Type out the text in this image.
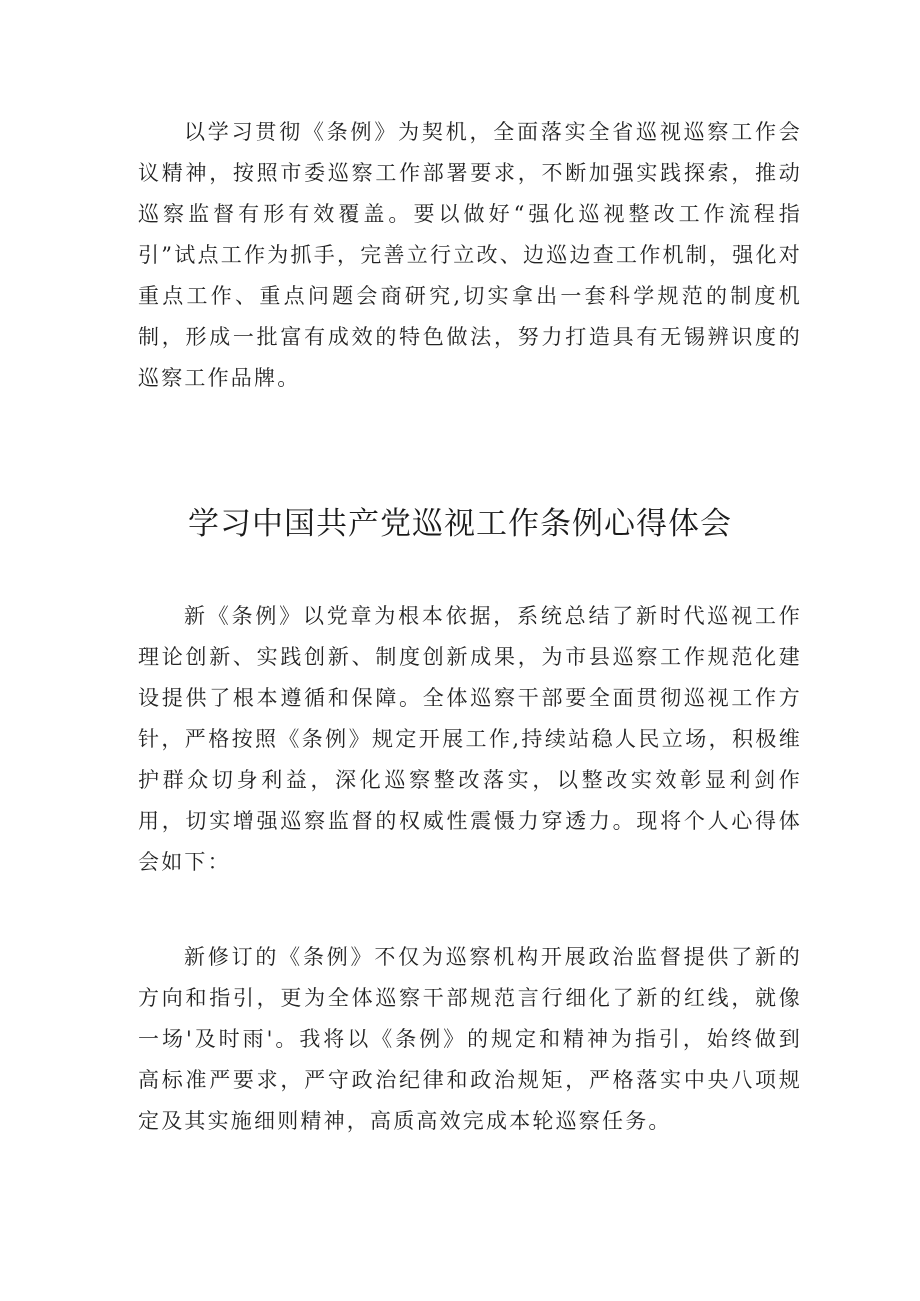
以学习贯彻《条例》为契机，全面落实全省巡视巡察工作会议精神，按照市委巡察工作部署要求，不断加强实践探索，推动巡察监督有形有效覆盖。要以做好“强化巡视整改工作流程指引”试点工作为抓手，完善立行立改、边巡边查工作机制，强化对重点工作、重点问题会商研究,切实拿出一套科学规范的制度机制，形成一批富有成效的特色做法，努力打造具有无锡辨识度的巡察工作品牌。

学习中国共产党巡视工作条例心得体会

新《条例》以党章为根本依据，系统总结了新时代巡视工作理论创新、实践创新、制度创新成果，为市县巡察工作规范化建设提供了根本遵循和保障。全体巡察干部要全面贯彻巡视工作方针，严格按照《条例》规定开展工作,持续站稳人民立场，积极维护群众切身利益，深化巡察整改落实，以整改实效彰显利剑作用，切实增强巡察监督的权威性震慑力穿透力。现将个人心得体会如下：

新修订的《条例》不仅为巡察机构开展政治监督提供了新的方向和指引，更为全体巡察干部规范言行细化了新的红线，就像一场'及时雨'。我将以《条例》的规定和精神为指引，始终做到高标准严要求，严守政治纪律和政治规矩，严格落实中央八项规定及其实施细则精神，高质高效完成本轮巡察任务。
